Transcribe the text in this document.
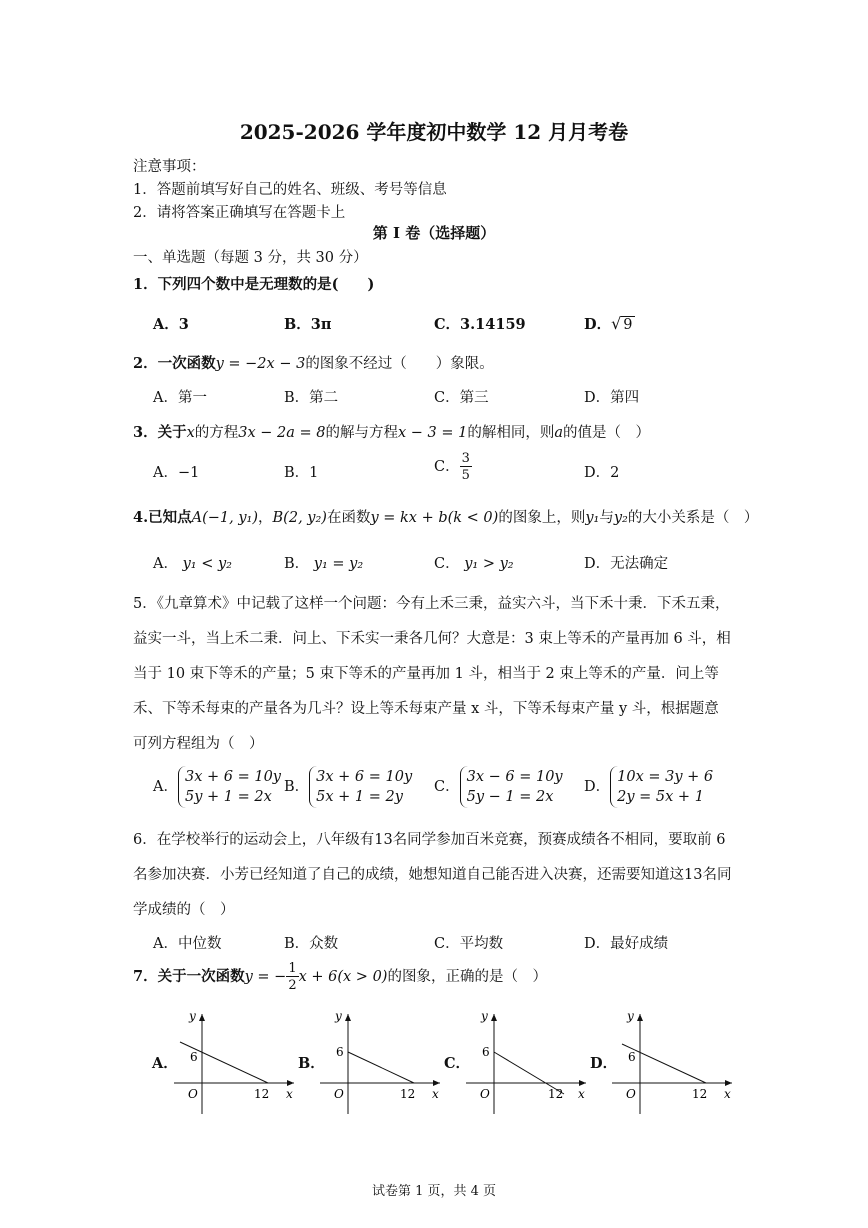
2025-2026 学年度初中数学 12 月月考卷
注意事项：
1．答题前填写好自己的姓名、班级、考号等信息
2．请将答案正确填写在答题卡上
第 I 卷（选择题）
一、单选题（每题 3 分，共 30 分）
1．下列四个数中是无理数的是(　　)
A．3	B．3π	C．3.14159	D．√ 9
2．一次函数y = −2x − 3的图象不经过（　　）象限。
A．第一	B．第二	C．第三	D．第四
3．关于x的方程3x − 2a = 8的解与方程x − 3 = 1的解相同，则a的值是（　）
A．−1	B．1	C． $\frac{3}{5}$	D．2
4.已知点A(−1, y₁)，B(2, y₂)在函数y = kx + b(k < 0)的图象上，则y₁与y₂的大小关系是（　）
A． y₁ < y₂	B． y₁ = y₂	C． y₁ > y₂	D．无法确定
5．《九章算术》中记载了这样一个问题：今有上禾三秉，益实六斗，当下禾十秉．下禾五秉，益实一斗，当上禾二秉．问上、下禾实一秉各几何？大意是：3 束上等禾的产量再加 6 斗，相当于 10 束下等禾的产量；5 束下等禾的产量再加 1 斗，相当于 2 束上等禾的产量．问上等禾、下等禾每束的产量各为几斗？设上等禾每束产量 x 斗，下等禾每束产量 y 斗，根据题意可列方程组为（　）
A．3x + 6 = 10y
5y + 1 = 2x
B．3x + 6 = 10y
5x + 1 = 2y
C．3x − 6 = 10y
5y − 1 = 2x
D．10x = 3y + 6
2y = 5x + 1
6．在学校举行的运动会上，八年级有13名同学参加百米竞赛，预赛成绩各不相同，要取前 6 名参加决赛．小芳已经知道了自己的成绩，她想知道自己能否进入决赛，还需要知道这13名同学成绩的（　）
A．中位数	B．众数	C．平均数	D．最好成绩
7．关于一次函数y = − $\frac{1}{2}$ x + 6(x > 0)的图象，正确的是（　）
A．
y
6
O	12 x
B．
y
6
O	12 x
C．
y
6
O	12 x
D．
y
6
O	12 x
试卷第 1 页，共 4 页
